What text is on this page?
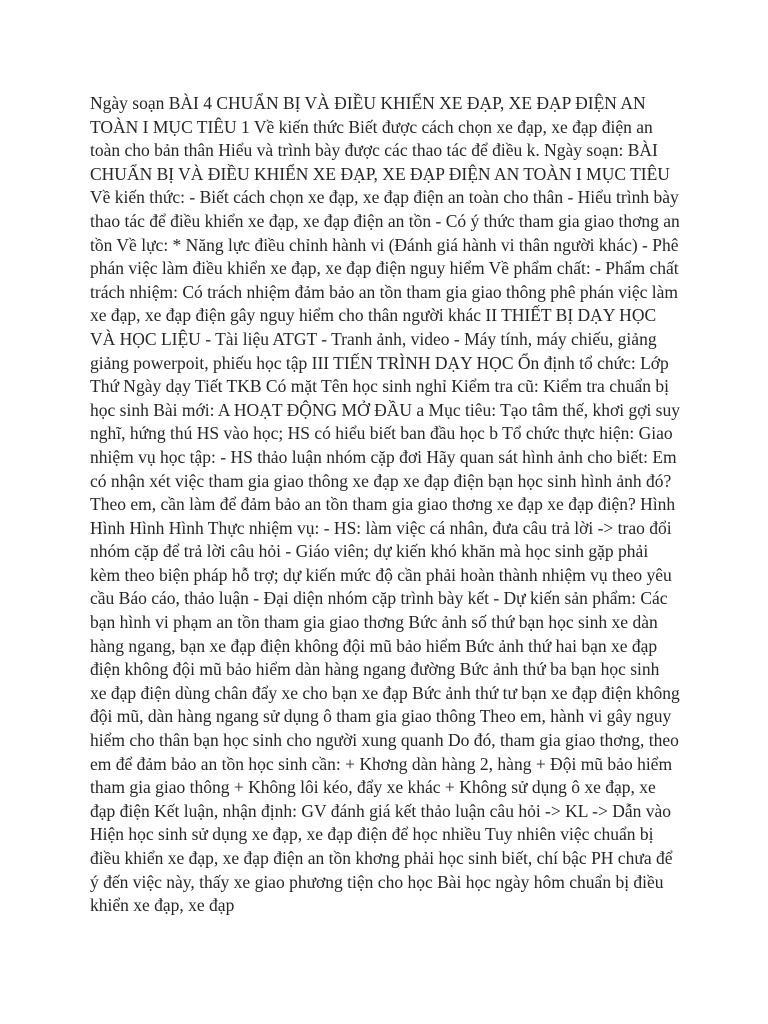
Ngày soạn BÀI 4 CHUẨN BỊ VÀ ĐIỀU KHIỂN XE ĐẠP, XE ĐẠP ĐIỆN AN TOÀN I MỤC TIÊU 1 Về kiến thức Biết được cách chọn xe đạp, xe đạp điện an toàn cho bản thân Hiểu và trình bày được các thao tác để điều k. Ngày soạn: BÀI CHUẨN BỊ VÀ ĐIỀU KHIỂN XE ĐẠP, XE ĐẠP ĐIỆN AN TOÀN I MỤC TIÊU Về kiến thức: - Biết cách chọn xe đạp, xe đạp điện an toàn cho thân - Hiểu trình bày thao tác để điều khiển xe đạp, xe đạp điện an tồn - Có ý thức tham gia giao thơng an tồn Về lực: * Năng lực điều chỉnh hành vi (Đánh giá hành vi thân người khác) - Phê phán việc làm điều khiển xe đạp, xe đạp điện nguy hiểm Về phẩm chất: - Phẩm chất trách nhiệm: Có trách nhiệm đảm bảo an tồn tham gia giao thông phê phán việc làm xe đạp, xe đạp điện gây nguy hiểm cho thân người khác II THIẾT BỊ DẠY HỌC VÀ HỌC LIỆU - Tài liệu ATGT - Tranh ảnh, video - Máy tính, máy chiếu, giảng giảng powerpoit, phiếu học tập III TIẾN TRÌNH DẠY HỌC Ổn định tổ chức: Lớp Thứ Ngày dạy Tiết TKB Có mặt Tên học sinh nghỉ Kiểm tra cũ: Kiểm tra chuẩn bị học sinh Bài mới: A HOẠT ĐỘNG MỞ ĐẦU a Mục tiêu: Tạo tâm thế, khơi gợi suy nghĩ, hứng thú HS vào học; HS có hiểu biết ban đầu học b Tổ chức thực hiện: Giao nhiệm vụ học tập: - HS thảo luận nhóm cặp đơi Hãy quan sát hình ảnh cho biết: Em có nhận xét việc tham gia giao thông xe đạp xe đạp điện bạn học sinh hình ảnh đó? Theo em, cần làm để đảm bảo an tồn tham gia giao thơng xe đạp xe đạp điện? Hình Hình Hình Hình Thực nhiệm vụ: - HS: làm việc cá nhân, đưa câu trả lời -> trao đổi nhóm cặp để trả lời câu hỏi - Giáo viên; dự kiến khó khăn mà học sinh gặp phải kèm theo biện pháp hỗ trợ; dự kiến mức độ cần phải hoàn thành nhiệm vụ theo yêu cầu Báo cáo, thảo luận - Đại diện nhóm cặp trình bày kết - Dự kiến sản phẩm: Các bạn hình vi phạm an tồn tham gia giao thơng Bức ảnh số thứ bạn học sinh xe dàn hàng ngang, bạn xe đạp điện không đội mũ bảo hiểm Bức ảnh thứ hai bạn xe đạp điện không đội mũ bảo hiểm dàn hàng ngang đường Bức ảnh thứ ba bạn học sinh xe đạp điện dùng chân đẩy xe cho bạn xe đạp Bức ảnh thứ tư bạn xe đạp điện không đội mũ, dàn hàng ngang sử dụng ô tham gia giao thông Theo em, hành vi gây nguy hiểm cho thân bạn học sinh cho người xung quanh Do đó, tham gia giao thơng, theo em để đảm bảo an tồn học sinh cần: + Khơng dàn hàng 2, hàng + Đội mũ bảo hiểm tham gia giao thông + Không lôi kéo, đẩy xe khác + Không sử dụng ô xe đạp, xe đạp điện Kết luận, nhận định: GV đánh giá kết thảo luận câu hỏi -> KL -> Dẫn vào Hiện học sinh sử dụng xe đạp, xe đạp điện để học nhiều Tuy nhiên việc chuẩn bị điều khiển xe đạp, xe đạp điện an tồn khơng phải học sinh biết, chí bậc PH chưa để ý đến việc này, thấy xe giao phương tiện cho học Bài học ngày hôm chuẩn bị điều khiển xe đạp, xe đạp
